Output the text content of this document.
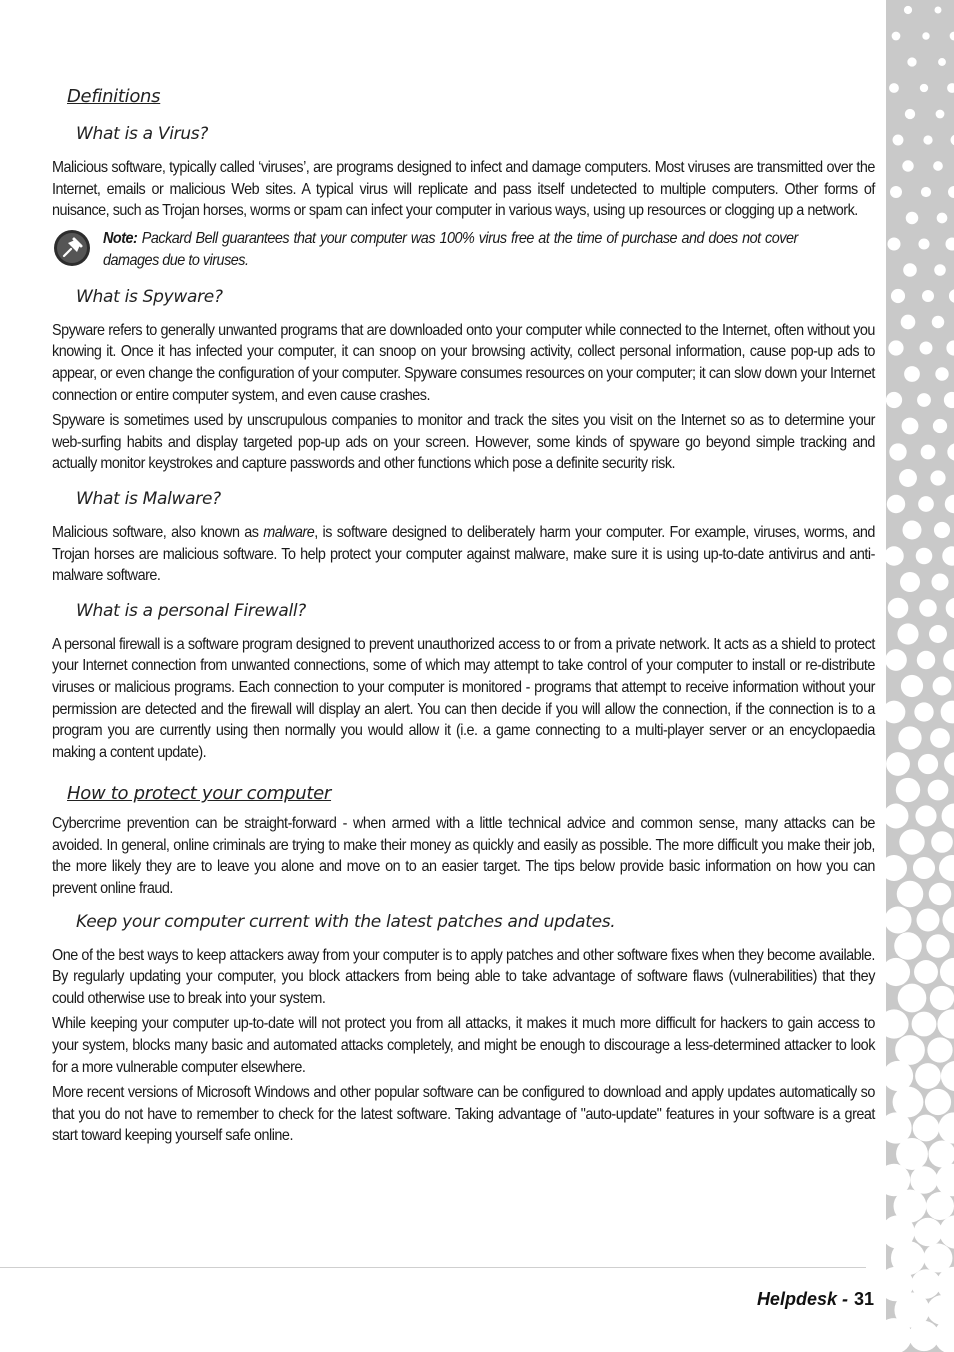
Definitions
What is a Virus?

Malicious software, typically called ‘viruses’, are programs designed to infect and damage computers. Most viruses are transmitted over the Internet, emails or malicious Web sites. A typical virus will replicate and pass itself undetected to multiple computers. Other forms of nuisance, such as Trojan horses, worms or spam can infect your computer in various ways, using up resources or clogging up a network.

Note: Packard Bell guarantees that your computer was 100% virus free at the time of purchase and does not cover damages due to viruses.
What is Spyware?

Spyware refers to generally unwanted programs that are downloaded onto your computer while connected to the Internet, often without you knowing it. Once it has infected your computer, it can snoop on your browsing activity, collect personal information, cause pop-up ads to appear, or even change the configuration of your computer. Spyware consumes resources on your computer; it can slow down your Internet connection or entire computer system, and even cause crashes.

Spyware is sometimes used by unscrupulous companies to monitor and track the sites you visit on the Internet so as to determine your web-surfing habits and display targeted pop-up ads on your screen. However, some kinds of spyware go beyond simple tracking and actually monitor keystrokes and capture passwords and other functions which pose a definite security risk.

What is Malware?

Malicious software, also known as malware, is software designed to deliberately harm your computer. For example, viruses, worms, and Trojan horses are malicious software. To help protect your computer against malware, make sure it is using up-to-date antivirus and anti-malware software.

What is a personal Firewall?

A personal firewall is a software program designed to prevent unauthorized access to or from a private network. It acts as a shield to protect your Internet connection from unwanted connections, some of which may attempt to take control of your computer to install or re-distribute viruses or malicious programs. Each connection to your computer is monitored - programs that attempt to receive information without your permission are detected and the firewall will display an alert. You can then decide if you will allow the connection, if the connection is to a program you are currently using then normally you would allow it (i.e. a game connecting to a multi-player server or an encyclopaedia making a content update).

How to protect your computer

Cybercrime prevention can be straight-forward - when armed with a little technical advice and common sense, many attacks can be avoided. In general, online criminals are trying to make their money as quickly and easily as possible. The more difficult you make their job, the more likely they are to leave you alone and move on to an easier target. The tips below provide basic information on how you can prevent online fraud.

Keep your computer current with the latest patches and updates.

One of the best ways to keep attackers away from your computer is to apply patches and other software fixes when they become available. By regularly updating your computer, you block attackers from being able to take advantage of software flaws (vulnerabilities) that they could otherwise use to break into your system.

While keeping your computer up-to-date will not protect you from all attacks, it makes it much more difficult for hackers to gain access to your system, blocks many basic and automated attacks completely, and might be enough to discourage a less-determined attacker to look for a more vulnerable computer elsewhere.

More recent versions of Microsoft Windows and other popular software can be configured to download and apply updates automatically so that you do not have to remember to check for the latest software. Taking advantage of "auto-update" features in your software is a great start toward keeping yourself safe online.

Helpdesk - 31
